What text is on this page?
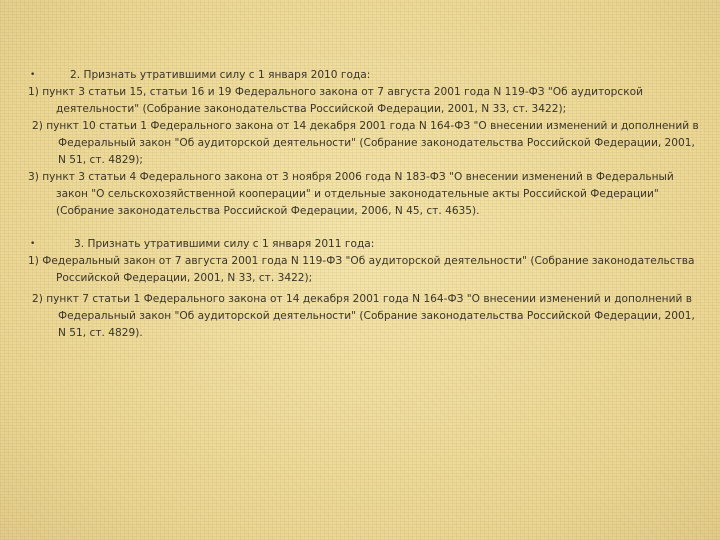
•	2. Признать утратившими силу с 1 января 2010 года:
1) пункт 3 статьи 15, статьи 16 и 19 Федерального закона от 7 августа 2001 года N 119-ФЗ "Об аудиторской деятельности" (Собрание законодательства Российской Федерации, 2001, N 33, ст. 3422);
2) пункт 10 статьи 1 Федерального закона от 14 декабря 2001 года N 164-ФЗ "О внесении изменений и дополнений в Федеральный закон "Об аудиторской деятельности" (Собрание законодательства Российской Федерации, 2001, N 51, ст. 4829);
3) пункт 3 статьи 4 Федерального закона от 3 ноября 2006 года N 183-ФЗ "О внесении изменений в Федеральный закон "О сельскохозяйственной кооперации" и отдельные законодательные акты Российской Федерации" (Собрание законодательства Российской Федерации, 2006, N 45, ст. 4635).
•	3. Признать утратившими силу с 1 января 2011 года:
1) Федеральный закон от 7 августа 2001 года N 119-ФЗ "Об аудиторской деятельности" (Собрание законодательства Российской Федерации, 2001, N 33, ст. 3422);
2) пункт 7 статьи 1 Федерального закона от 14 декабря 2001 года N 164-ФЗ "О внесении изменений и дополнений в Федеральный закон "Об аудиторской деятельности" (Собрание законодательства Российской Федерации, 2001, N 51, ст. 4829).
